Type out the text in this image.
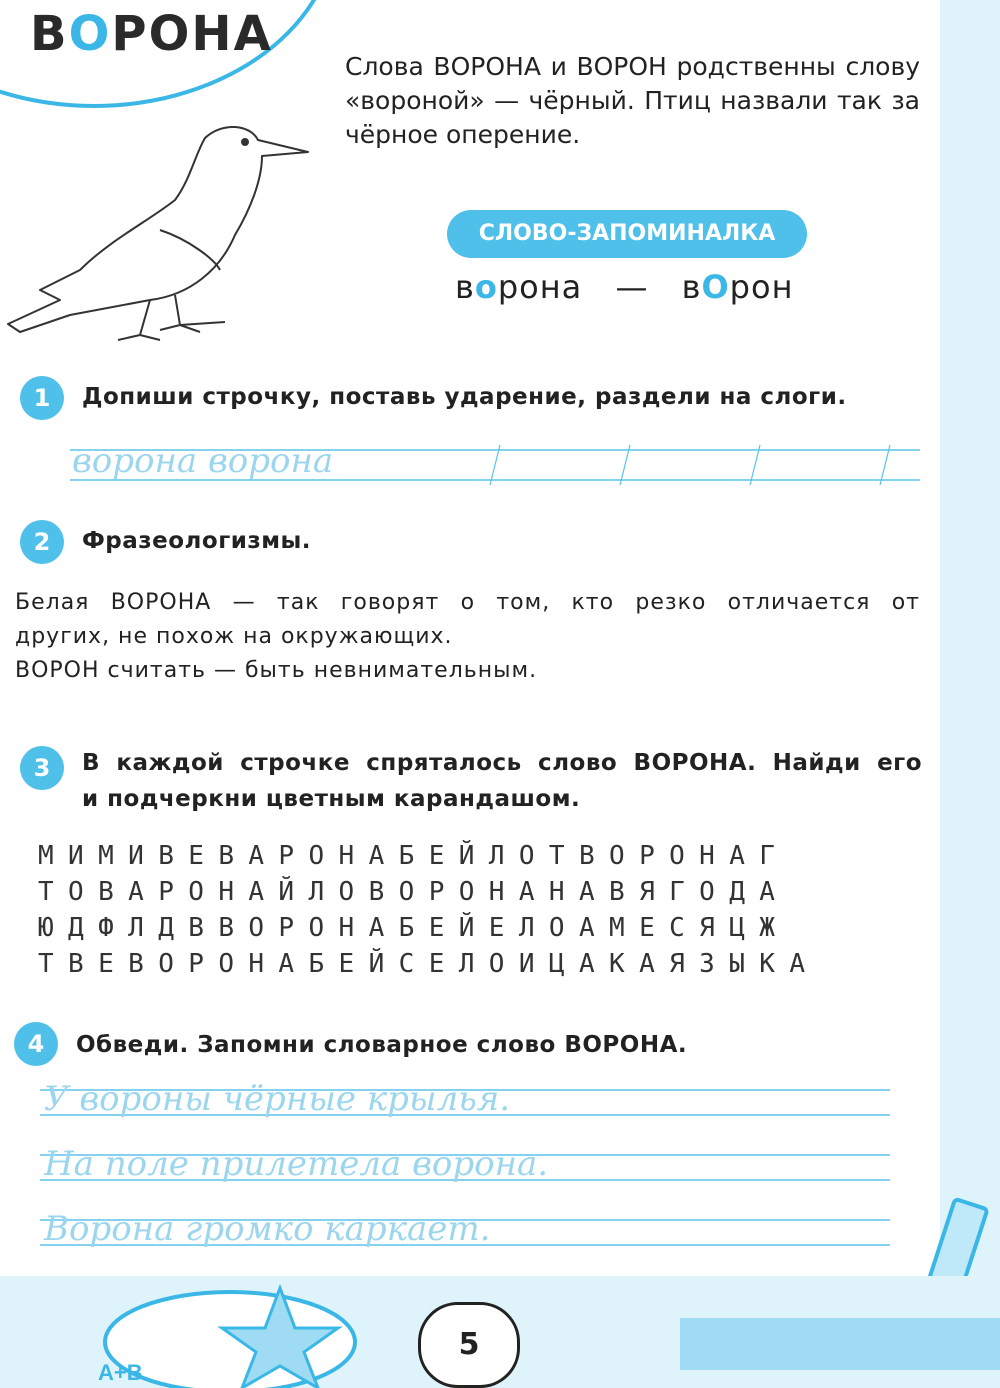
ВОРОНА
Слова ВОРОНА и ВОРОН родственны слову «вороной» — чёрный. Птиц назвали так за чёрное оперение.
СЛОВО-ЗАПОМИНАЛКА
ворона — вОрон
1	Допиши строчку, поставь ударение, раздели на слоги.
ворона ворона
2	Фразеологизмы.
Белая ВОРОНА — так говорят о том, кто резко отличается от
других, не похож на окружающих.
ВОРОН считать — быть невнимательным.
3	В каждой строчке спряталось слово ВОРОНА. Найди его
и подчеркни цветным карандашом.
МИМИВЕВАРОНАБЕЙЛОТВОРОНАГ
ТОВАРОНАЙЛОВОРОНАНАВЯГОДА
ЮДФЛДВВОРОНАБЕЙЕЛОАМЕСЯЦЖ
ТВЕВОРОНАБЕЙСЕЛОИЦАКАЯЗЫКА
4	Обведи. Запомни словарное слово ВОРОНА.
У вороны чёрные крылья.
На поле прилетела ворона.
Ворона громко каркает.
A+B
5
